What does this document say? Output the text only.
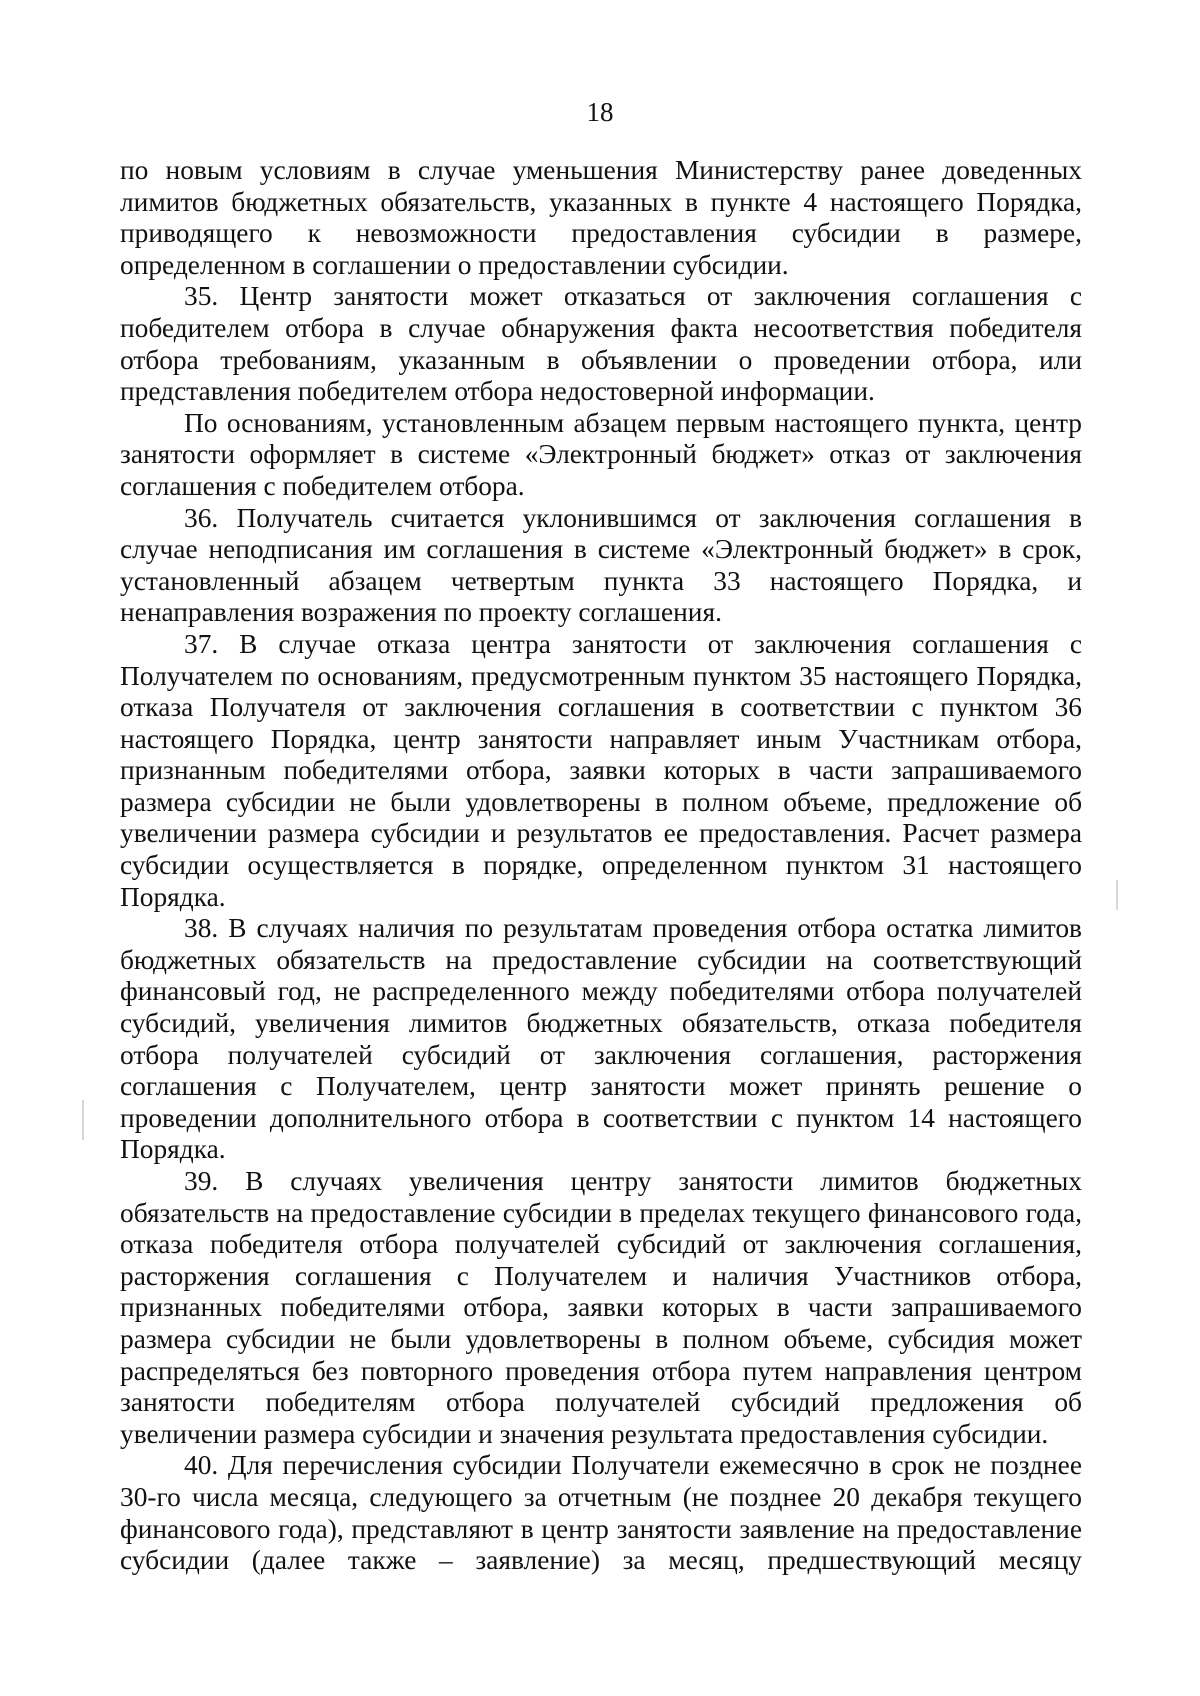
18

по новым условиям в случае уменьшения Министерству ранее доведенных лимитов бюджетных обязательств, указанных в пункте 4 настоящего Порядка, приводящего к невозможности предоставления субсидии в размере, определенном в соглашении о предоставлении субсидии.

35. Центр занятости может отказаться от заключения соглашения с победителем отбора в случае обнаружения факта несоответствия победителя отбора требованиям, указанным в объявлении о проведении отбора, или представления победителем отбора недостоверной информации.

По основаниям, установленным абзацем первым настоящего пункта, центр занятости оформляет в системе «Электронный бюджет» отказ от заключения соглашения с победителем отбора.

36. Получатель считается уклонившимся от заключения соглашения в случае неподписания им соглашения в системе «Электронный бюджет» в срок, установленный абзацем четвертым пункта 33 настоящего Порядка, и ненаправления возражения по проекту соглашения.

37. В случае отказа центра занятости от заключения соглашения с Получателем по основаниям, предусмотренным пунктом 35 настоящего Порядка, отказа Получателя от заключения соглашения в соответствии с пунктом 36 настоящего Порядка, центр занятости направляет иным Участникам отбора, признанным победителями отбора, заявки которых в части запрашиваемого размера субсидии не были удовлетворены в полном объеме, предложение об увеличении размера субсидии и результатов ее предоставления. Расчет размера субсидии осуществляется в порядке, определенном пунктом 31 настоящего Порядка.

38. В случаях наличия по результатам проведения отбора остатка лимитов бюджетных обязательств на предоставление субсидии на соответствующий финансовый год, не распределенного между победителями отбора получателей субсидий, увеличения лимитов бюджетных обязательств, отказа победителя отбора получателей субсидий от заключения соглашения, расторжения соглашения с Получателем, центр занятости может принять решение о проведении дополнительного отбора в соответствии с пунктом 14 настоящего Порядка.

39. В случаях увеличения центру занятости лимитов бюджетных обязательств на предоставление субсидии в пределах текущего финансового года, отказа победителя отбора получателей субсидий от заключения соглашения, расторжения соглашения с Получателем и наличия Участников отбора, признанных победителями отбора, заявки которых в части запрашиваемого размера субсидии не были удовлетворены в полном объеме, субсидия может распределяться без повторного проведения отбора путем направления центром занятости победителям отбора получателей субсидий предложения об увеличении размера субсидии и значения результата предоставления субсидии.

40. Для перечисления субсидии Получатели ежемесячно в срок не позднее 30-го числа месяца, следующего за отчетным (не позднее 20 декабря текущего финансового года), представляют в центр занятости заявление на предоставление субсидии (далее также – заявление) за месяц, предшествующий месяцу
